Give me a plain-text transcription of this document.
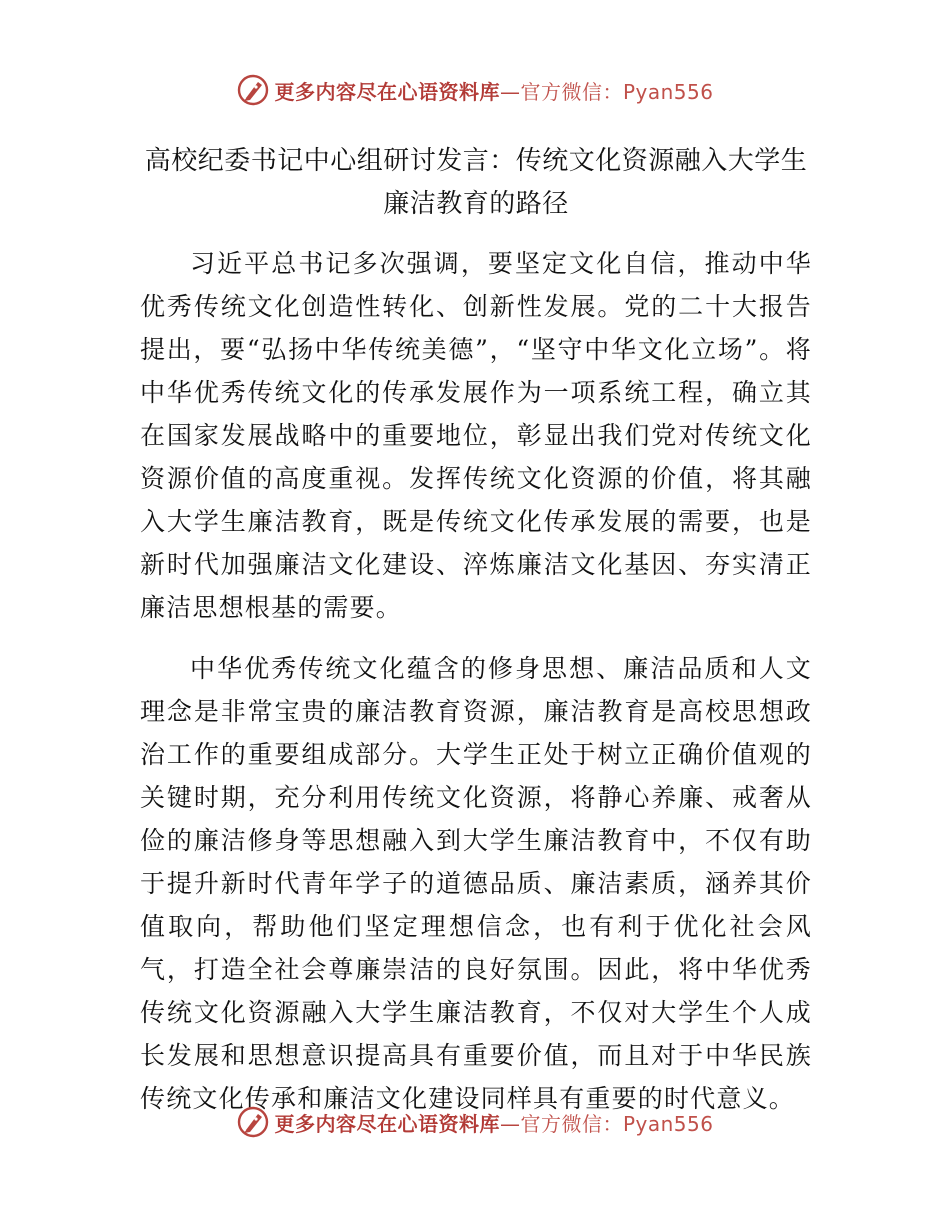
更多内容尽在心语资料库—官方微信：Pyan556
高校纪委书记中心组研讨发言：传统文化资源融入大学生廉洁教育的路径

习近平总书记多次强调，要坚定文化自信，推动中华优秀传统文化创造性转化、创新性发展。党的二十大报告提出，要“弘扬中华传统美德”，“坚守中华文化立场”。将中华优秀传统文化的传承发展作为一项系统工程，确立其在国家发展战略中的重要地位，彰显出我们党对传统文化资源价值的高度重视。发挥传统文化资源的价值，将其融入大学生廉洁教育，既是传统文化传承发展的需要，也是新时代加强廉洁文化建设、淬炼廉洁文化基因、夯实清正廉洁思想根基的需要。

中华优秀传统文化蕴含的修身思想、廉洁品质和人文理念是非常宝贵的廉洁教育资源，廉洁教育是高校思想政治工作的重要组成部分。大学生正处于树立正确价值观的关键时期，充分利用传统文化资源，将静心养廉、戒奢从俭的廉洁修身等思想融入到大学生廉洁教育中，不仅有助于提升新时代青年学子的道德品质、廉洁素质，涵养其价值取向，帮助他们坚定理想信念，也有利于优化社会风气，打造全社会尊廉崇洁的良好氛围。因此，将中华优秀传统文化资源融入大学生廉洁教育，不仅对大学生个人成长发展和思想意识提高具有重要价值，而且对于中华民族传统文化传承和廉洁文化建设同样具有重要的时代意义。

更多内容尽在心语资料库—官方微信：Pyan556
